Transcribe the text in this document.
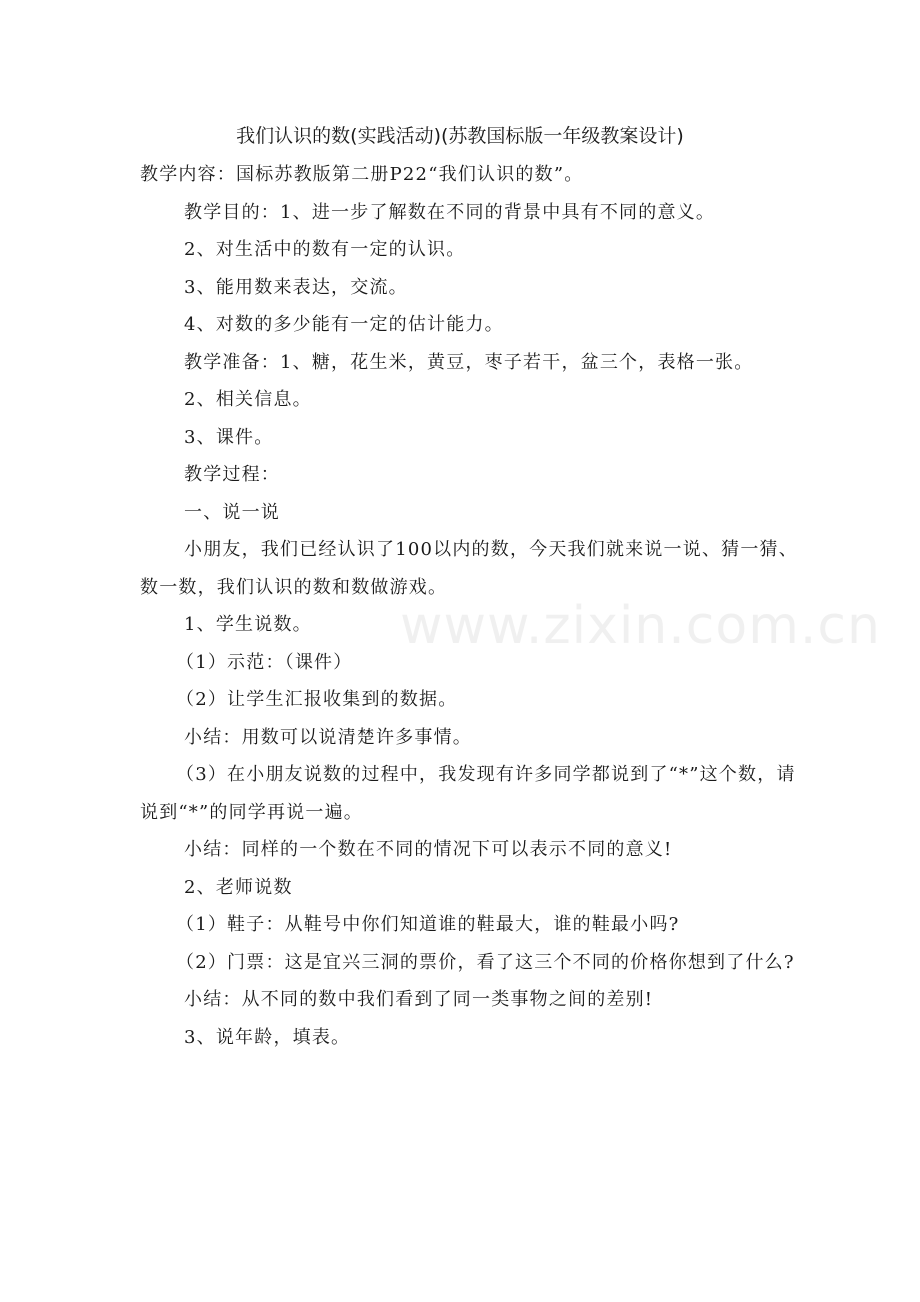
我们认识的数(实践活动)(苏教国标版一年级教案设计)

教学内容：国标苏教版第二册P22“我们认识的数”。

教学目的：1、进一步了解数在不同的背景中具有不同的意义。

2、对生活中的数有一定的认识。

3、能用数来表达，交流。

4、对数的多少能有一定的估计能力。

教学准备：1、糖，花生米，黄豆，枣子若干，盆三个，表格一张。

2、相关信息。

3、课件。

教学过程：

一、说一说

小朋友，我们已经认识了100以内的数，今天我们就来说一说、猜一猜、数一数，我们认识的数和数做游戏。

1、学生说数。

（1）示范：（课件）

（2）让学生汇报收集到的数据。

小结：用数可以说清楚许多事情。

（3）在小朋友说数的过程中，我发现有许多同学都说到了“*”这个数，请说到“*”的同学再说一遍。

小结：同样的一个数在不同的情况下可以表示不同的意义!

2、老师说数

（1）鞋子：从鞋号中你们知道谁的鞋最大，谁的鞋最小吗?

（2）门票：这是宜兴三洞的票价，看了这三个不同的价格你想到了什么?

小结：从不同的数中我们看到了同一类事物之间的差别!

3、说年龄，填表。

www.zixin.com.cn
